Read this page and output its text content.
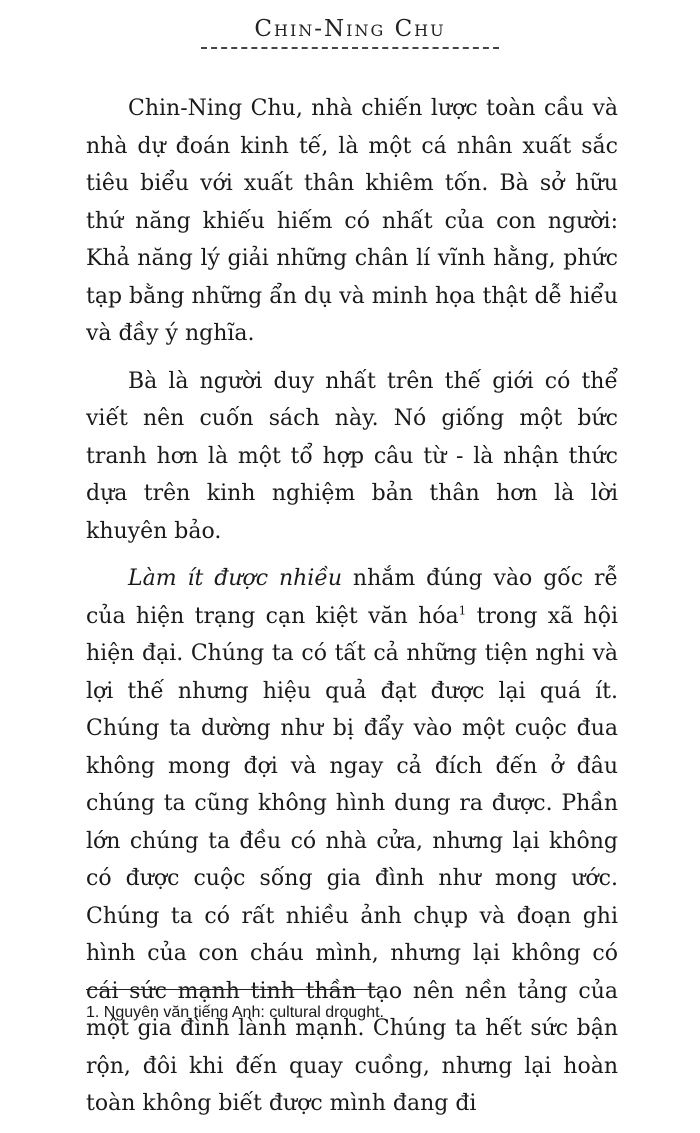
Chin-Ning Chu

Chin-Ning Chu, nhà chiến lược toàn cầu và nhà dự đoán kinh tế, là một cá nhân xuất sắc tiêu biểu với xuất thân khiêm tốn. Bà sở hữu thứ năng khiếu hiếm có nhất của con người: Khả năng lý giải những chân lí vĩnh hằng, phức tạp bằng những ẩn dụ và minh họa thật dễ hiểu và đầy ý nghĩa.

Bà là người duy nhất trên thế giới có thể viết nên cuốn sách này. Nó giống một bức tranh hơn là một tổ hợp câu từ - là nhận thức dựa trên kinh nghiệm bản thân hơn là lời khuyên bảo.

Làm ít được nhiều nhắm đúng vào gốc rễ của hiện trạng cạn kiệt văn hóa$^1$ trong xã hội hiện đại. Chúng ta có tất cả những tiện nghi và lợi thế nhưng hiệu quả đạt được lại quá ít. Chúng ta dường như bị đẩy vào một cuộc đua không mong đợi và ngay cả đích đến ở đâu chúng ta cũng không hình dung ra được. Phần lớn chúng ta đều có nhà cửa, nhưng lại không có được cuộc sống gia đình như mong ước. Chúng ta có rất nhiều ảnh chụp và đoạn ghi hình của con cháu mình, nhưng lại không có cái sức mạnh tinh thần tạo nên nền tảng của một gia đình lành mạnh. Chúng ta hết sức bận rộn, đôi khi đến quay cuồng, nhưng lại hoàn toàn không biết được mình đang đi

1. Nguyên văn tiếng Anh: cultural drought.
